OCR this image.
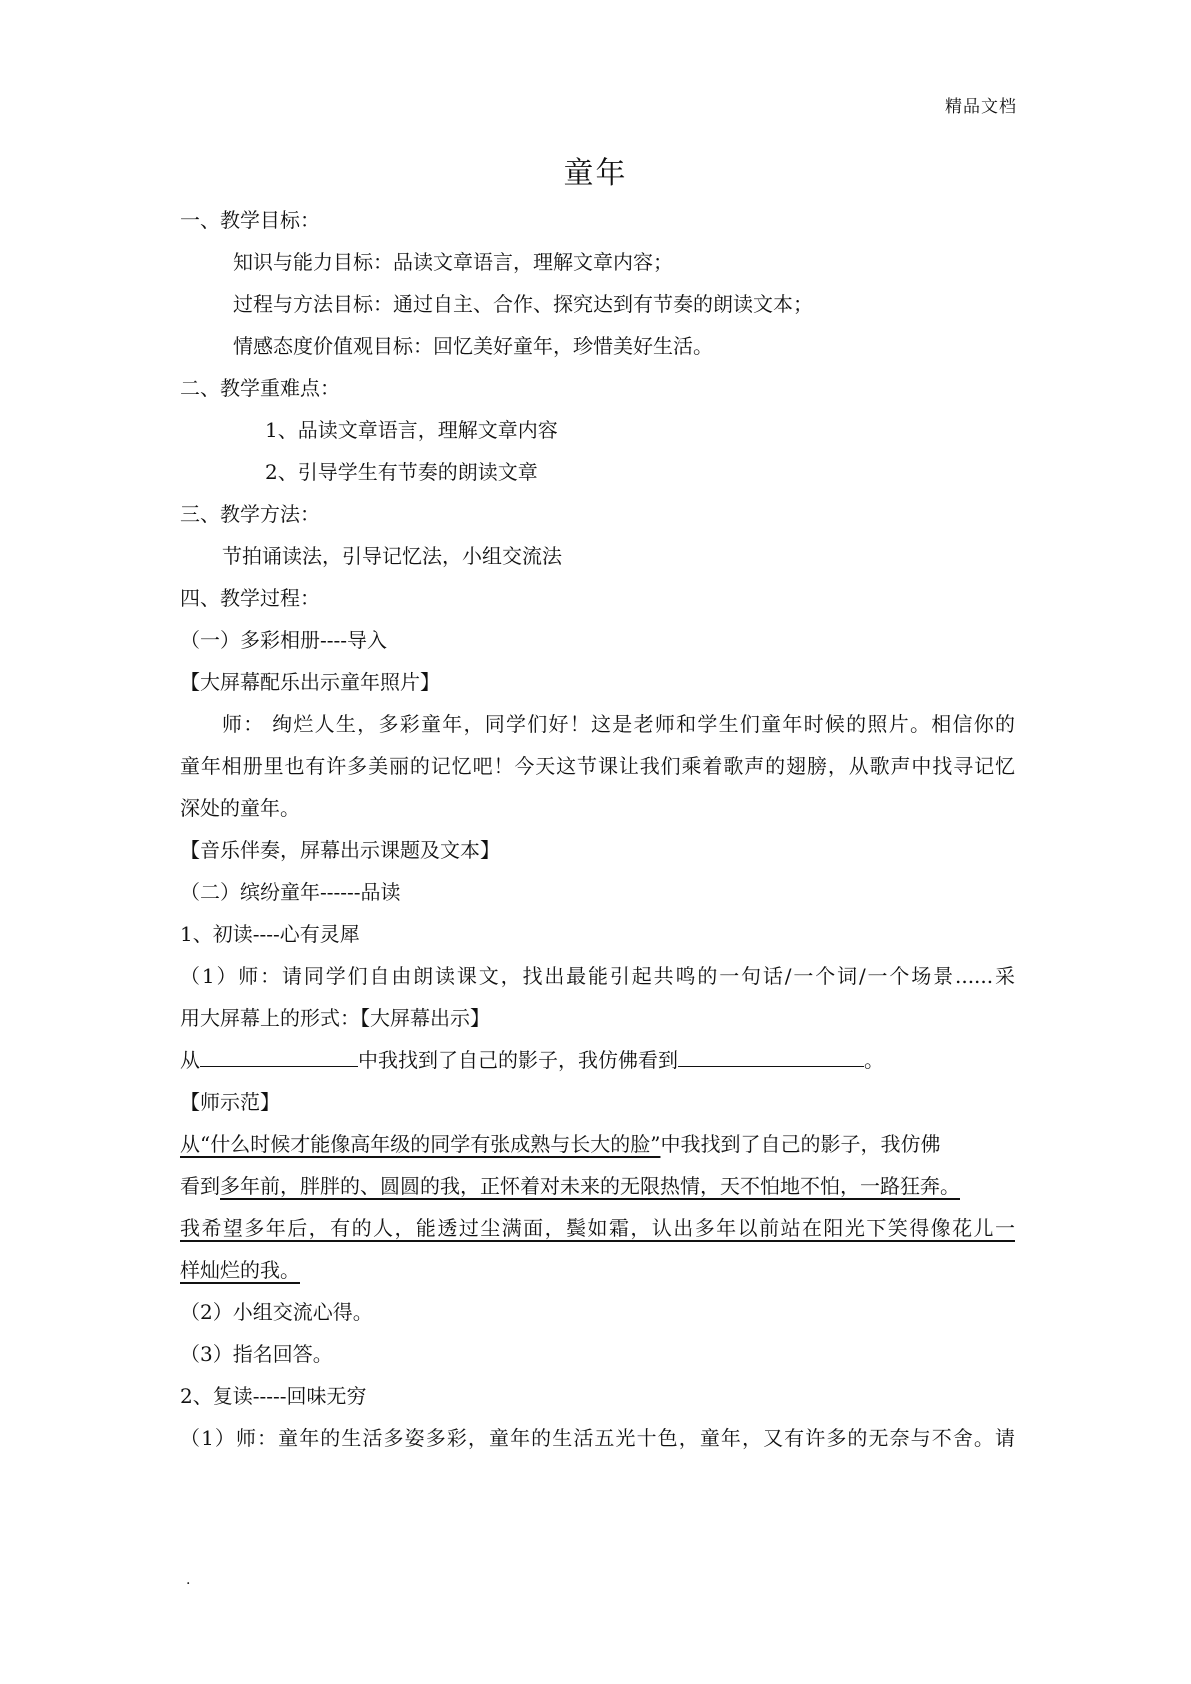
精品文档
童年
一、教学目标：
知识与能力目标：品读文章语言，理解文章内容；
过程与方法目标：通过自主、合作、探究达到有节奏的朗读文本；
情感态度价值观目标：回忆美好童年，珍惜美好生活。
二、教学重难点：
1、品读文章语言，理解文章内容
2、引导学生有节奏的朗读文章
三、教学方法：
节拍诵读法，引导记忆法，小组交流法
四、教学过程：
（一）多彩相册----导入
【大屏幕配乐出示童年照片】
师： 绚烂人生，多彩童年，同学们好！这是老师和学生们童年时候的照片。相信你的
童年相册里也有许多美丽的记忆吧！今天这节课让我们乘着歌声的翅膀，从歌声中找寻记忆
深处的童年。
【音乐伴奏，屏幕出示课题及文本】
（二）缤纷童年------品读
1、初读----心有灵犀
（1）师：请同学们自由朗读课文，找出最能引起共鸣的一句话/一个词/一个场景......采
用大屏幕上的形式：【大屏幕出示】
从	中我找到了自己的影子，我仿佛看到	。
【师示范】
从“什么时候才能像高年级的同学有张成熟与长大的脸”中我找到了自己的影子，我仿佛
看到多年前，胖胖的、圆圆的我，正怀着对未来的无限热情，天不怕地不怕，一路狂奔。
我希望多年后，有的人，能透过尘满面，鬓如霜，认出多年以前站在阳光下笑得像花儿一
样灿烂的我。
（2）小组交流心得。
（3）指名回答。
2、复读-----回味无穷
（1）师：童年的生活多姿多彩，童年的生活五光十色，童年，又有许多的无奈与不舍。请
.
